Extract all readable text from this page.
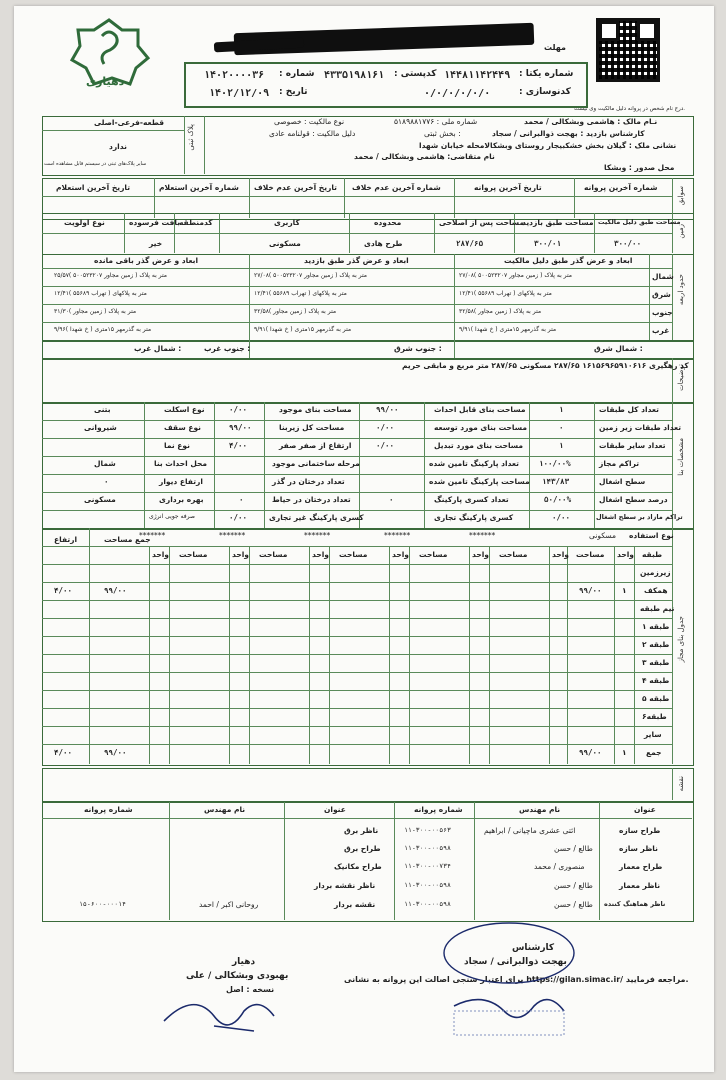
مهلت
دهیاری
شماره یکتا :
۱۴۴۸۱۱۴۲۴۴۹
کدپستی :
۴۳۳۵۱۹۸۱۶۱
شماره :
۱۴۰۲۰۰۰۰۳۶
کدنوسازی :
۰/۰/۰/۰/۰/۰
تاریخ :
۱۴۰۲/۱۲/۰۹
درج نام شخص در پروانه دلیل مالکیت وی نیست.
قطعه-فرعی-اصلی
ندارد
سایر پلاک‌های ثبتی در سیستم قابل مشاهده است
پلاک ثبتی
نـام مالک : هاشمی وبشکالی / محمد
شماره ملی : ۵۱۸۹۸۸۱۷۷۶
نوع مالکیت : خصوصی
کارشناس بازدید : بهجت ذوالبرانی / سجاد
بخش ثبتی :
دلیل مالکیت : قولنامه عادی
نشانی ملک : گیلان بخش خشکبیجار روستای وبشکالامحله خیابان شهدا
نام متقاضی: هاشمی وبشکالی / محمد
محل صدور : وبشکا
سوابق
شماره آخرین پروانه
تاریخ آخرین پروانه
شماره آخرین عدم خلاف
تاریخ آخرین عدم خلاف
شماره آخرین استعلام
تاریخ آخرین استعلام
زمین
مساحت طبق دلیل مالکیت
مساحت طبق بازدید
مساحت پس از اصلاحی
محدوده
کاربری
کدمنطقه
بافت فرسوده
نوع اولویت
۳۰۰/۰۰
۳۰۰/۰۱
۲۸۷/۶۵
طرح هادی
مسکونی
خیر
حدود اربعه
ابعاد و عرض گذر طبق دلیل مالکیت
ابعاد و عرض گذر طبق بازدید
ابعاد و عرض گذر باقی مانده
شمال
۲۷/۰۸متر به پلاک ( زمین مجاور ۵۰۰۵۲۳۲۰۷ )
۲۷/۰۸متر به پلاک ( زمین مجاور ۵۰۰۵۲۳۲۰۷ )
۲۵/۵۷متر به پلاک ( زمین مجاور ۵۰۰۵۲۳۲۰۷ )
شرق
۱۲/۴۱متر به پلاکهای ( تهراب ۵۵۶۸۹ )
۱۲/۴۱متر به پلاکهای ( تهراب ۵۵۶۸۹ )
۱۲/۴۱متر به پلاکهای ( تهراب ۵۵۶۸۹ )
جنوب
۳۲/۵۸متر به پلاک ( زمین مجاور )
۳۲/۵۸متر به پلاک ( زمین مجاور )
۳۱/۳۰متر به پلاک ( زمین مجاور )
غرب
۹/۹۱متر به گذرمهر ۱۵متری ( خ شهدا )
۹/۹۱متر به گذرمهر ۱۵متری ( خ شهدا )
۹/۹۶متر به گذرمهر ۱۵متری ( خ شهدا )
شمال شرق :
جنوب شرق :
جنوب غرب :
شمال غرب :
توضیحات
کد رهگیری ۱۶۱۵۶۹۶۵۹۱۰۶۱۶ ۲۸۷/۶۵ مسکونی ۲۸۷/۶۵ متر مربع و مابقی حریم
مشخصات بنا
تعداد کل طبقات
۱
مساحت بنای قابل احداث
۹۹/۰۰
مساحت بنای موجود
۰/۰۰
نوع اسکلت
بتنی
تعداد طبقات زیر زمین
۰
مساحت بنای مورد توسعه
۰/۰۰
مساحت کل زیربنا
۹۹/۰۰
نوع سقف
شیروانی
تعداد سایر طبقات
۱
مساحت بنای مورد تبدیل
۰/۰۰
ارتفاع از صفر صفر
۴/۰۰
نوع نما
تراکم مجاز
۱۰۰/۰۰%
تعداد پارکینگ تامین شده
مرحله ساختمانی موجود
محل احداث بنا
شمال
سطح اشغال
۱۴۳/۸۳
مساحت پارکینگ تامین شده
تعداد درختان در گذر
ارتفاع دیوار
۰
درصد سطح اشغال
۵۰/۰۰%
تعداد کسری پارکینگ
۰
تعداد درختان در حیاط
۰
بهره برداری
مسکونی
تراکم مازاد بر سطح اشغال
۰/۰۰
کسری پارکینگ تجاری
کسری پارکینگ غیر تجاری
۰/۰۰
صرفه جویی انرژی
جدول بنای مجاز
نوع استفاده
مسکونی
*******
*******
*******
*******
*******
طبقه
واحد
مساحت
واحد
مساحت
واحد
مساحت
واحد
مساحت
واحد
مساحت
واحد
مساحت
واحد
جمع مساحت
ارتفاع
زیرزمین
همکف
۱
۹۹/۰۰
۹۹/۰۰
۴/۰۰
نیم طبقه
طبقه ۱
طبقه ۲
طبقه ۳
طبقه ۴
طبقه ۵
طبقه۶
سایر
جمع
۱
۹۹/۰۰
۹۹/۰۰
۴/۰۰
نقشه
عنوان
نام مهندس
شماره پروانه
عنوان
نام مهندس
شماره پروانه
طراح سازه
ائتی عشری ماچیانی / ابراهیم
۱۱-۳۰۰-۰۰۵۶۳
ناظر سازه
طالع / حسن
۱۱-۳۰۰-۰۰۵۹۸
طراح معمار
منصوری / محمد
۱۱-۳۰۰-۰۰۷۳۴
ناظر معمار
طالع / حسن
۱۱-۳۰۰-۰۰۵۹۸
ناظر هماهنگ کننده
طالع / حسن
۱۱-۳۰۰-۰۰۵۹۸
ناظر برق
طراح برق
طراح مکانیک
ناظر نقشه بردار
نقشه بردار
روحانی اکبر / احمد
۱۵-۶۰۰-۰۰۰۱۴
کارشناس
بهجت ذوالبرانی / سجاد
برای اعتبار سنجی اصالت این پروانه به نشانی https://gilan.simac.ir/ مراجعه فرمایید.
دهیار
بهبودی وبشکالی / علی
نسخه : اصل
